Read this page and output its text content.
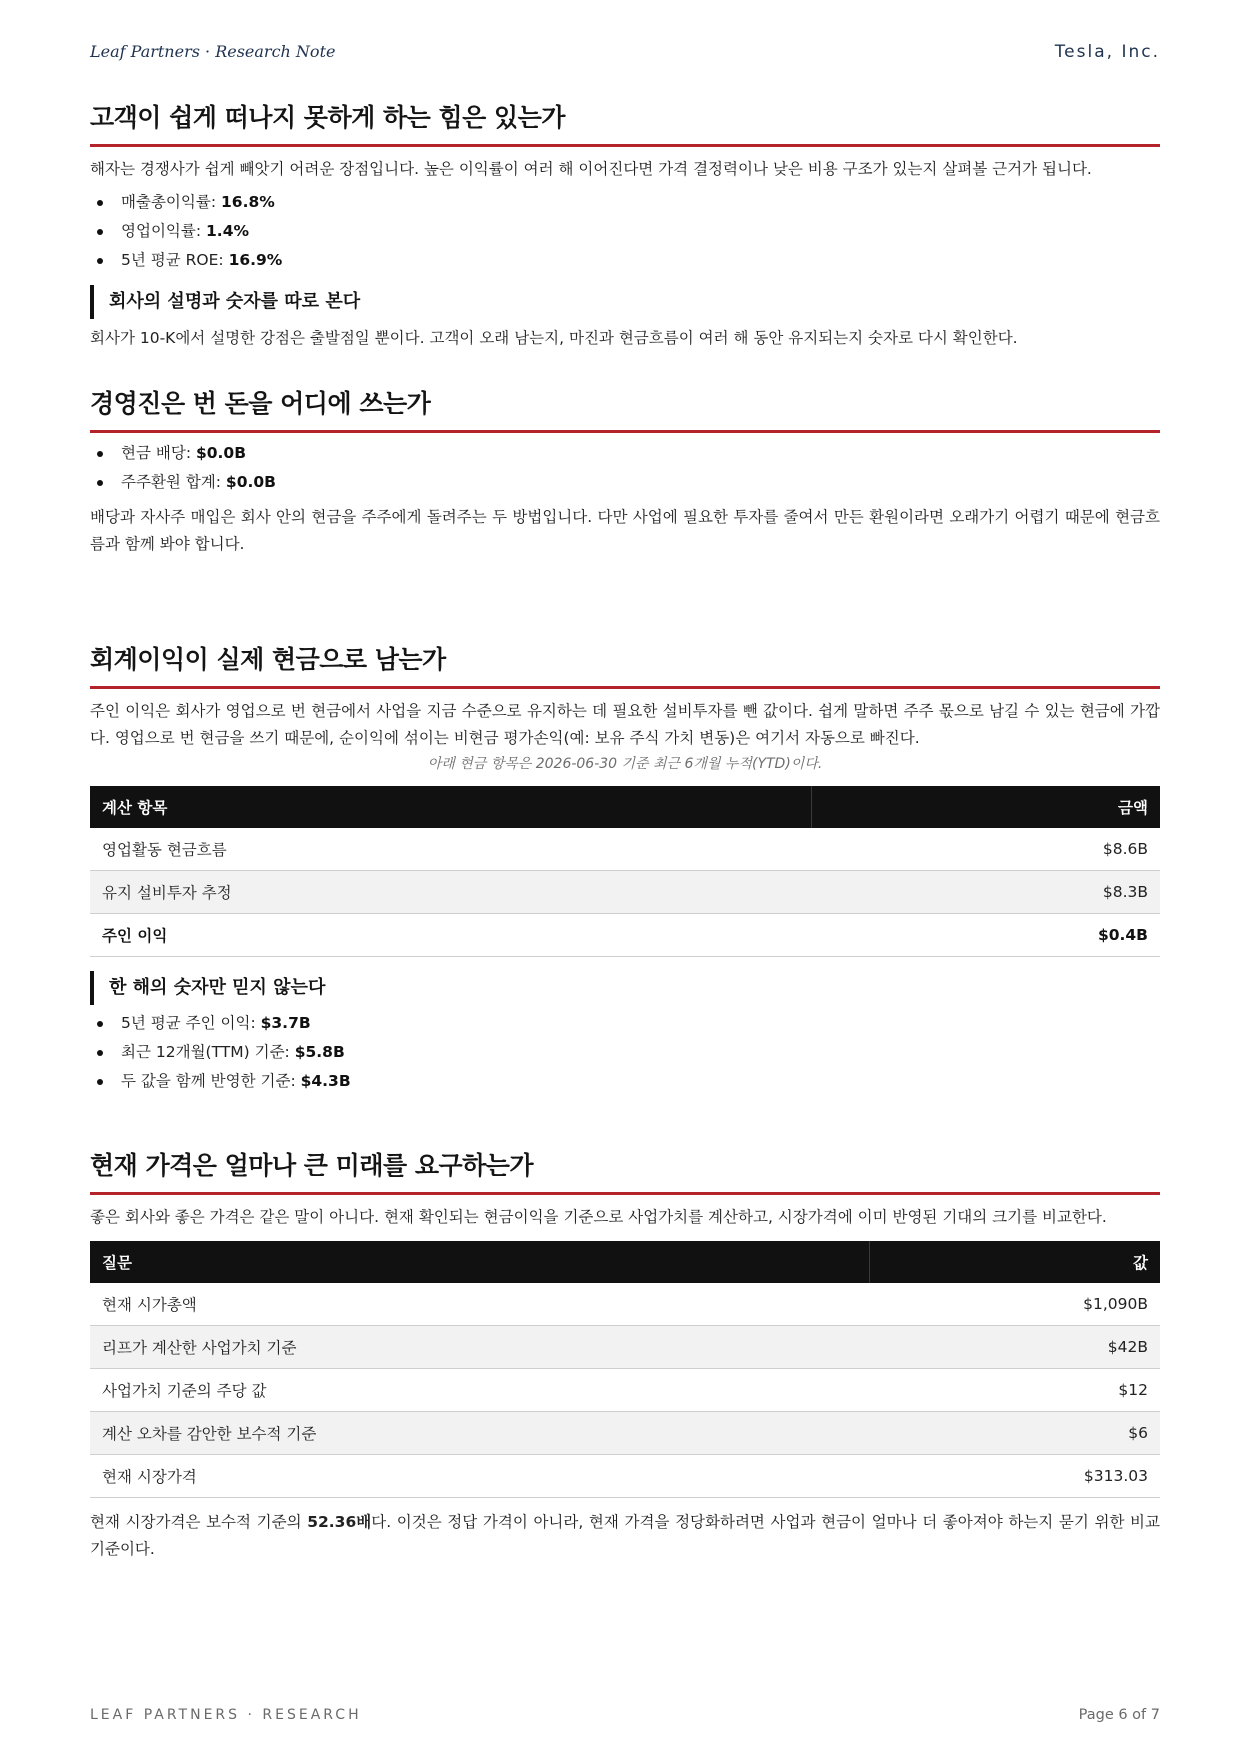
Leaf Partners · Research Note	Tesla, Inc.
고객이 쉽게 떠나지 못하게 하는 힘은 있는가

해자는 경쟁사가 쉽게 빼앗기 어려운 장점입니다. 높은 이익률이 여러 해 이어진다면 가격 결정력이나 낮은 비용 구조가 있는지 살펴볼 근거가 됩니다.

매출총이익률: 16.8%
영업이익률: 1.4%
5년 평균 ROE: 16.9%
회사의 설명과 숫자를 따로 본다

회사가 10-K에서 설명한 강점은 출발점일 뿐이다. 고객이 오래 남는지, 마진과 현금흐름이 여러 해 동안 유지되는지 숫자로 다시 확인한다.

경영진은 번 돈을 어디에 쓰는가
현금 배당: $0.0B
주주환원 합계: $0.0B

배당과 자사주 매입은 회사 안의 현금을 주주에게 돌려주는 두 방법입니다. 다만 사업에 필요한 투자를 줄여서 만든 환원이라면 오래가기 어렵기 때문에 현금흐름과 함께 봐야 합니다.

회계이익이 실제 현금으로 남는가

주인 이익은 회사가 영업으로 번 현금에서 사업을 지금 수준으로 유지하는 데 필요한 설비투자를 뺀 값이다. 쉽게 말하면 주주 몫으로 남길 수 있는 현금에 가깝다. 영업으로 번 현금을 쓰기 때문에, 순이익에 섞이는 비현금 평가손익(예: 보유 주식 가치 변동)은 여기서 자동으로 빠진다.

아래 현금 항목은 2026-06-30 기준 최근 6개월 누적(YTD)이다.

계산 항목	금액
영업활동 현금흐름	$8.6B
유지 설비투자 추정	$8.3B
주인 이익	$0.4B
한 해의 숫자만 믿지 않는다
5년 평균 주인 이익: $3.7B
최근 12개월(TTM) 기준: $5.8B
두 값을 함께 반영한 기준: $4.3B
현재 가격은 얼마나 큰 미래를 요구하는가

좋은 회사와 좋은 가격은 같은 말이 아니다. 현재 확인되는 현금이익을 기준으로 사업가치를 계산하고, 시장가격에 이미 반영된 기대의 크기를 비교한다.

질문	값
현재 시가총액	$1,090B
리프가 계산한 사업가치 기준	$42B
사업가치 기준의 주당 값	$12
계산 오차를 감안한 보수적 기준	$6
현재 시장가격	$313.03

현재 시장가격은 보수적 기준의 52.36배다. 이것은 정답 가격이 아니라, 현재 가격을 정당화하려면 사업과 현금이 얼마나 더 좋아져야 하는지 묻기 위한 비교 기준이다.

LEAF PARTNERS · RESEARCH	Page 6 of 7
